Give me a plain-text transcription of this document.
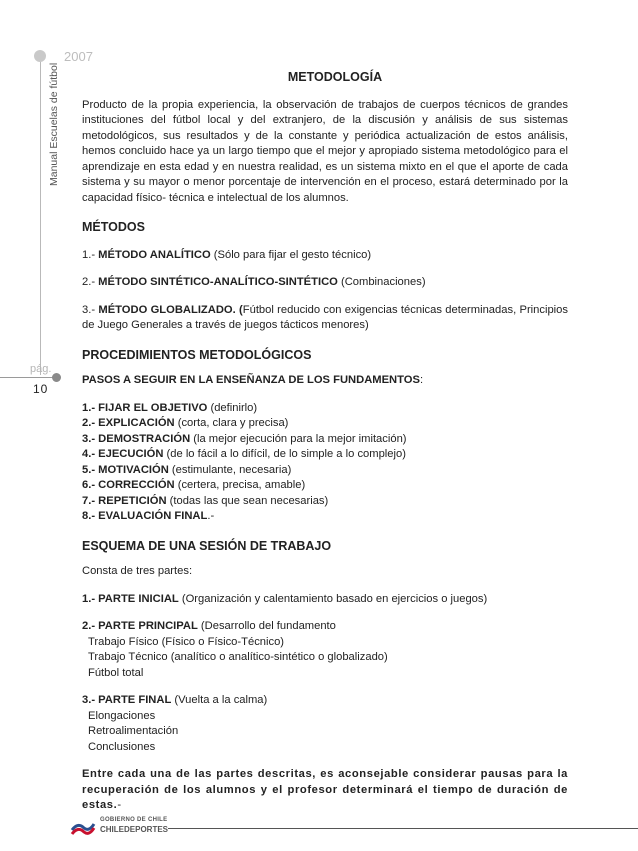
2007
Manual Escuelas de fútbol
pág.
10
METODOLOGÍA

Producto de la propia experiencia, la observación de trabajos de cuerpos técnicos de grandes instituciones del fútbol local y del extranjero, de la discusión y análisis de sus sistemas metodológicos, sus resultados y de la constante y periódica actualización de estos análisis, hemos concluido hace ya un largo tiempo que el mejor y apropiado sistema metodológico para el aprendizaje en esta edad y en nuestra realidad, es un sistema mixto en el que el aporte de cada sistema y su mayor o menor porcentaje de intervención en el proceso, estará determinado por la capacidad físico- técnica e intelectual de los alumnos.

MÉTODOS

1.- MÉTODO ANALÍTICO (Sólo para fijar el gesto técnico)

2.- MÉTODO SINTÉTICO-ANALÍTICO-SINTÉTICO (Combinaciones)

3.- MÉTODO GLOBALIZADO. (Fútbol reducido con exigencias técnicas determinadas, Principios de Juego Generales a través de juegos tácticos menores)

PROCEDIMIENTOS METODOLÓGICOS

PASOS A SEGUIR EN LA ENSEÑANZA DE LOS FUNDAMENTOS:

1.- FIJAR EL OBJETIVO (definirlo)

2.- EXPLICACIÓN (corta, clara y precisa)

3.- DEMOSTRACIÓN (la mejor ejecución para la mejor imitación)

4.- EJECUCIÓN (de lo fácil a lo difícil, de lo simple a lo complejo)

5.- MOTIVACIÓN (estimulante, necesaria)

6.- CORRECCIÓN (certera, precisa, amable)

7.- REPETICIÓN (todas las que sean necesarias)

8.- EVALUACIÓN FINAL.-

ESQUEMA DE UNA SESIÓN DE TRABAJO

Consta de tres partes:

1.- PARTE INICIAL (Organización y calentamiento basado en ejercicios o juegos)

2.- PARTE PRINCIPAL (Desarrollo del fundamento

Trabajo Físico (Físico o Físico-Técnico)

Trabajo Técnico (analítico o analítico-sintético o globalizado)

Fútbol total

3.- PARTE FINAL (Vuelta a la calma)

Elongaciones

Retroalimentación

Conclusiones

Entre cada una de las partes descritas, es aconsejable considerar pausas para la recuperación de los alumnos y el profesor determinará el tiempo de duración de estas.-

GOBIERNO DE CHILE
CHILEDEPORTES
